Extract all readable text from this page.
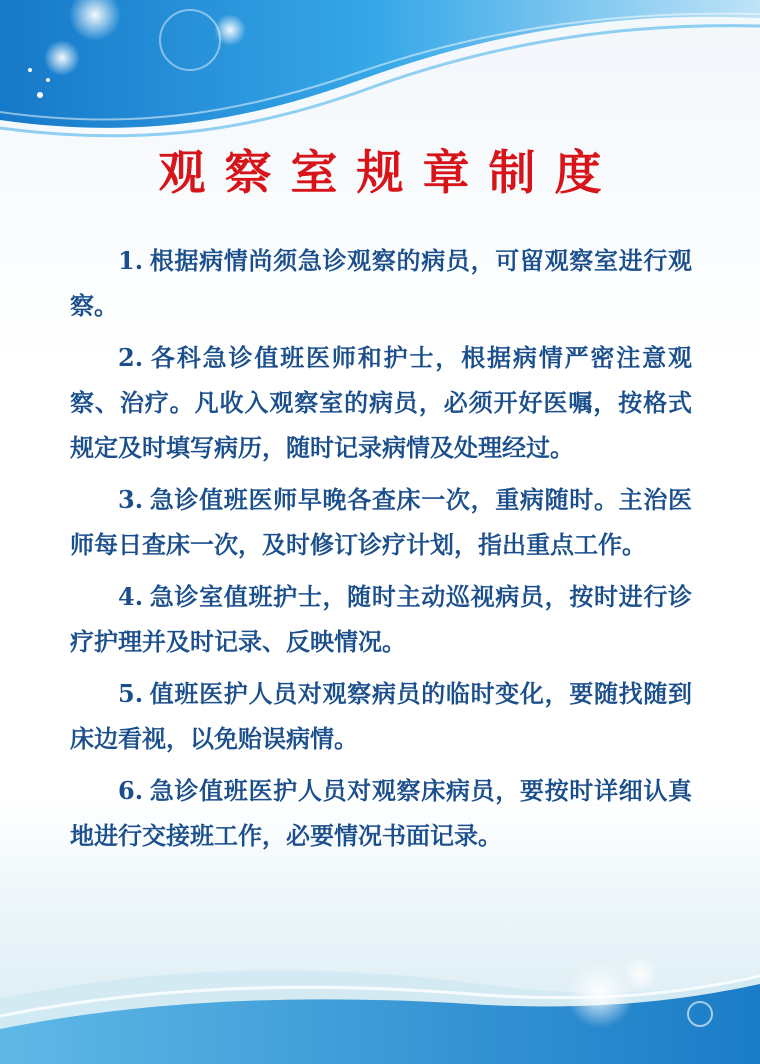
观察室规章制度
1. 根据病情尚须急诊观察的病员，可留观察室进行观察。
2. 各科急诊值班医师和护士，根据病情严密注意观察、治疗。凡收入观察室的病员，必须开好医嘱，按格式规定及时填写病历，随时记录病情及处理经过。
3. 急诊值班医师早晚各查床一次，重病随时。主治医师每日查床一次，及时修订诊疗计划，指出重点工作。
4. 急诊室值班护士，随时主动巡视病员，按时进行诊疗护理并及时记录、反映情况。
5. 值班医护人员对观察病员的临时变化，要随找随到床边看视，以免贻误病情。
6. 急诊值班医护人员对观察床病员，要按时详细认真地进行交接班工作，必要情况书面记录。
